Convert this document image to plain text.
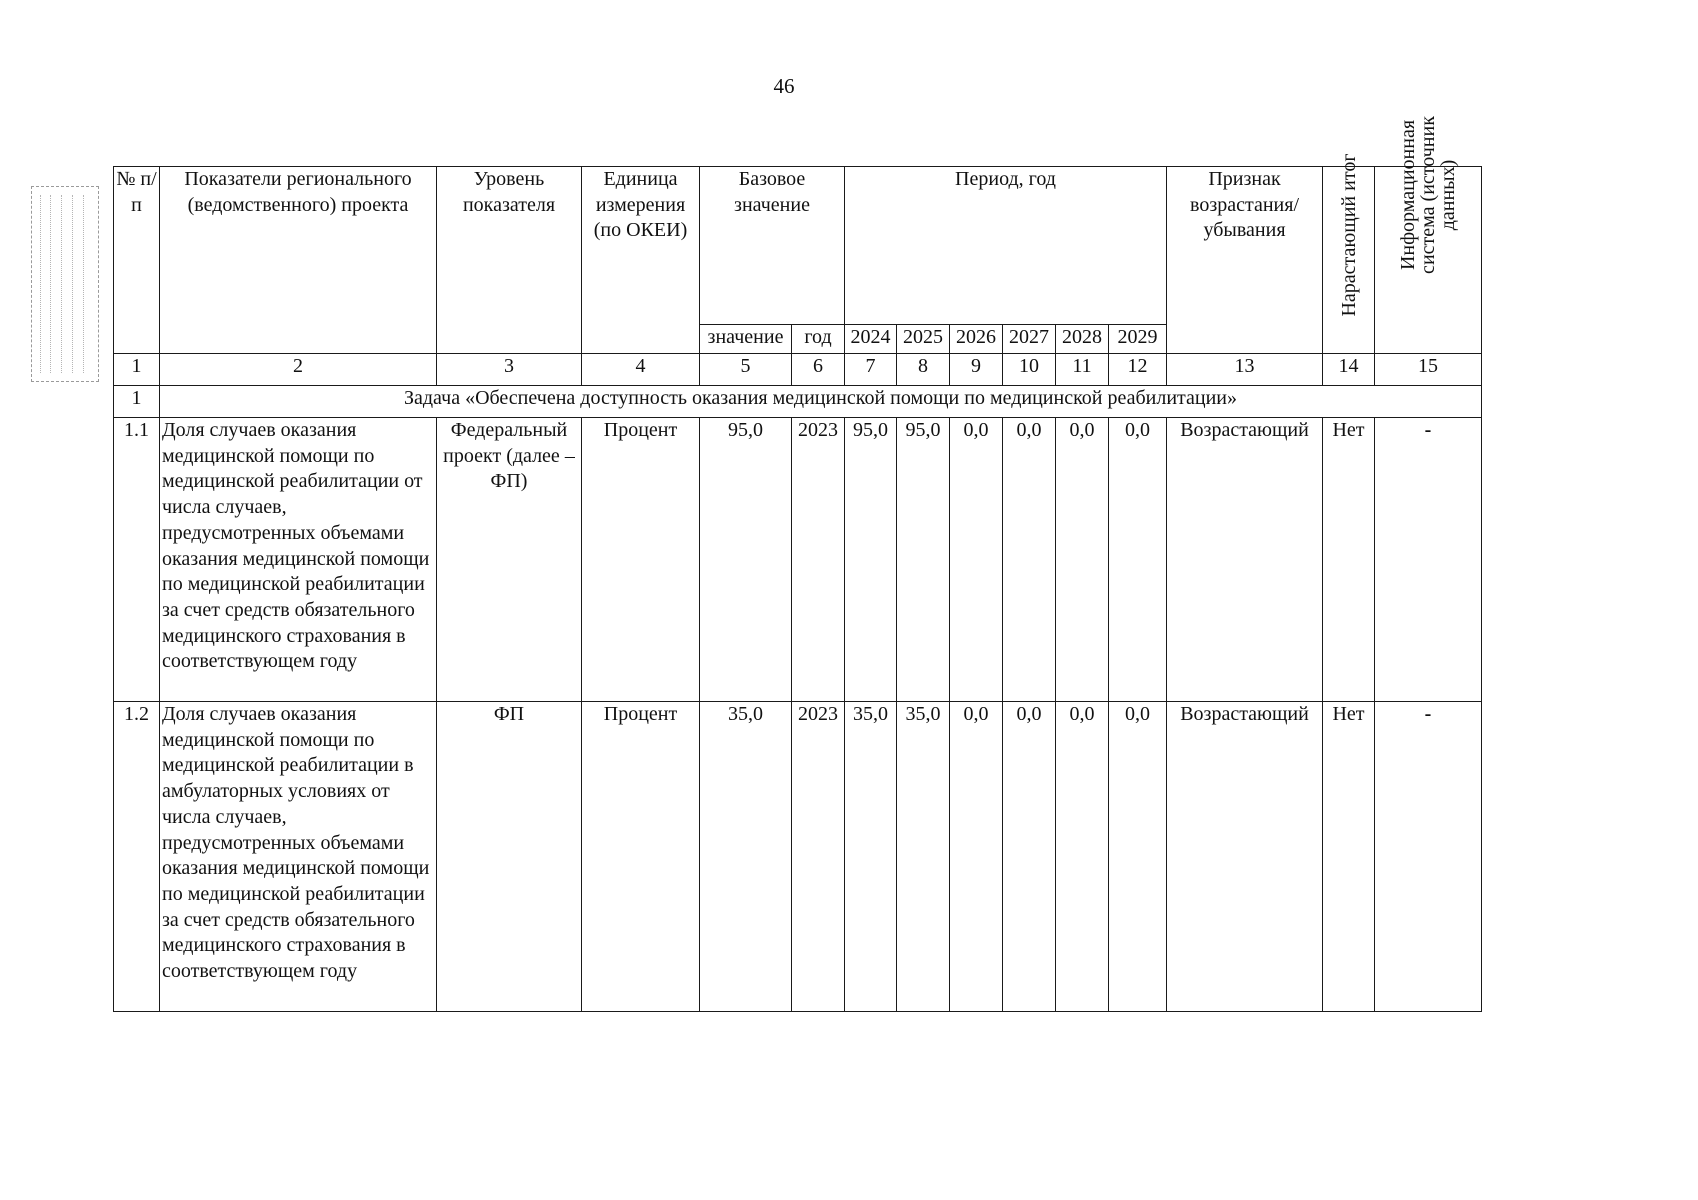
46
№ п/п	Показатели регионального (ведомственного) проекта	Уровень показателя	Единица измерения (по ОКЕИ)	Базовое значение		Период, год						Признак возрастания/ убывания	Нарастающий итог	Информационная система (источник данных)

				значение	год	2024	2025	2026	2027	2028	2029			
1	2	3	4	5	6	7	8	9	10	11	12	13	14	15
1	Задача «Обеспечена доступность оказания медицинской помощи по медицинской реабилитации»													
1.1	Доля случаев оказания медицинской помощи по медицинской реабилитации от числа случаев, предусмотренных объемами оказания медицинской помощи по медицинской реабилитации за счет средств обязательного медицинского страхования в соответствующем году	Федеральный проект (далее – ФП)	Процент	95,0	2023	95,0	95,0	0,0	0,0	0,0	0,0	Возрастающий	Нет	-
1.2	Доля случаев оказания медицинской помощи по медицинской реабилитации в амбулаторных условиях от числа случаев, предусмотренных объемами оказания медицинской помощи по медицинской реабилитации за счет средств обязательного медицинского страхования в соответствующем году	ФП	Процент	35,0	2023	35,0	35,0	0,0	0,0	0,0	0,0	Возрастающий	Нет	-
